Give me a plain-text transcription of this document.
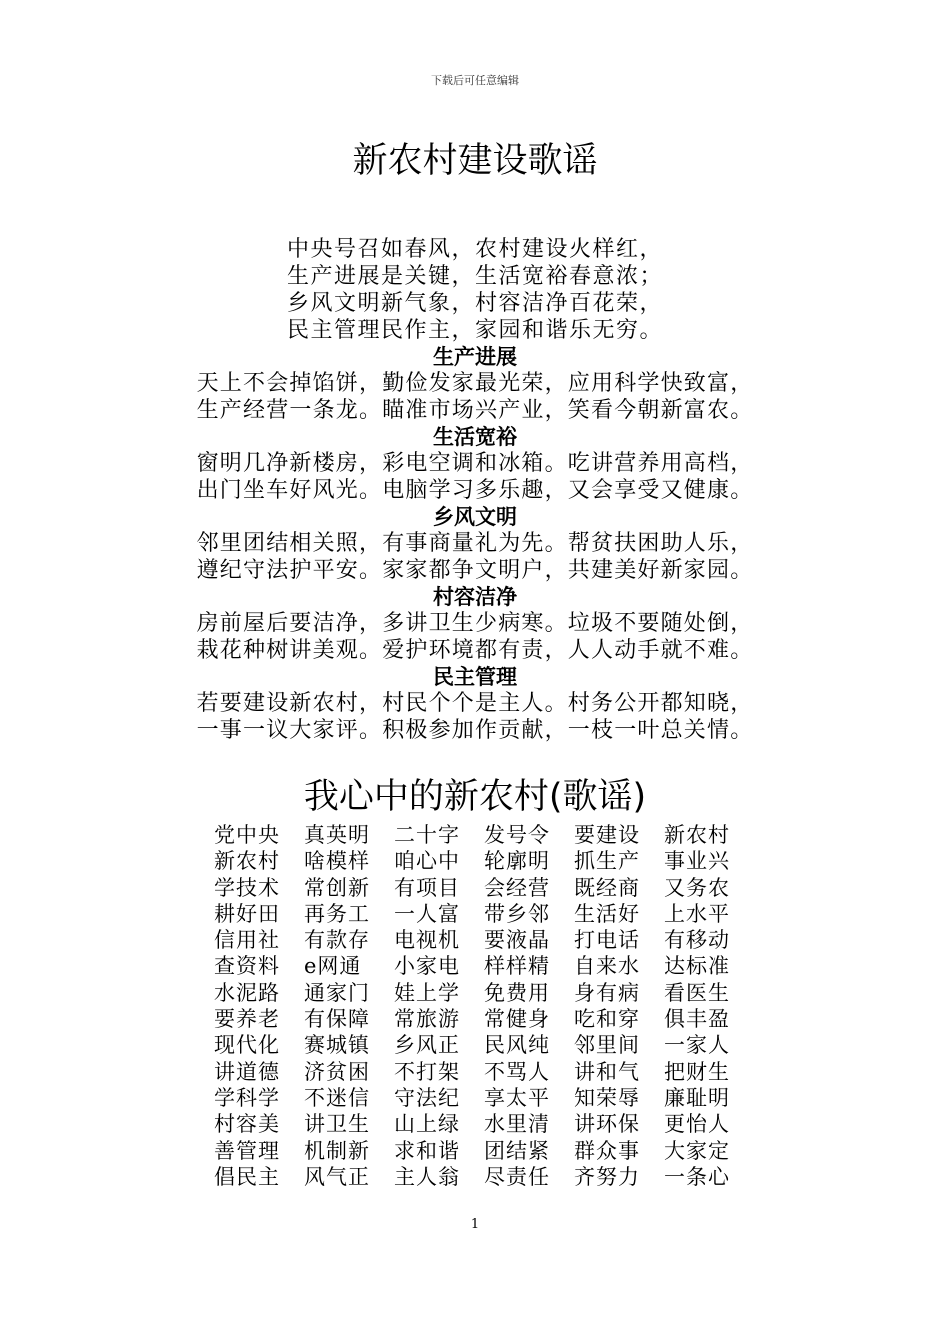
下载后可任意编辑
新农村建设歌谣
中央号召如春风，农村建设火样红，
生产进展是关键，生活宽裕春意浓；
乡风文明新气象，村容洁净百花荣，
民主管理民作主，家园和谐乐无穷。
生产进展
天上不会掉馅饼，勤俭发家最光荣，应用科学快致富，
生产经营一条龙。瞄准市场兴产业，笑看今朝新富农。
生活宽裕
窗明几净新楼房，彩电空调和冰箱。吃讲营养用高档，
出门坐车好风光。电脑学习多乐趣，又会享受又健康。
乡风文明
邻里团结相关照，有事商量礼为先。帮贫扶困助人乐，
遵纪守法护平安。家家都争文明户，共建美好新家园。
村容洁净
房前屋后要洁净，多讲卫生少病寒。垃圾不要随处倒，
栽花种树讲美观。爱护环境都有责，人人动手就不难。
民主管理
若要建设新农村，村民个个是主人。村务公开都知晓，
一事一议大家评。积极参加作贡献，一枝一叶总关情。
我心中的新农村(歌谣)
党中央	真英明	二十字	发号令	要建设	新农村
新农村	啥模样	咱心中	轮廓明	抓生产	事业兴
学技术	常创新	有项目	会经营	既经商	又务农
耕好田	再务工	一人富	带乡邻	生活好	上水平
信用社	有款存	电视机	要液晶	打电话	有移动
查资料	e网通	小家电	样样精	自来水	达标准
水泥路	通家门	娃上学	免费用	身有病	看医生
要养老	有保障	常旅游	常健身	吃和穿	俱丰盈
现代化	赛城镇	乡风正	民风纯	邻里间	一家人
讲道德	济贫困	不打架	不骂人	讲和气	把财生
学科学	不迷信	守法纪	享太平	知荣辱	廉耻明
村容美	讲卫生	山上绿	水里清	讲环保	更怡人
善管理	机制新	求和谐	团结紧	群众事	大家定
倡民主	风气正	主人翁	尽责任	齐努力	一条心
1
